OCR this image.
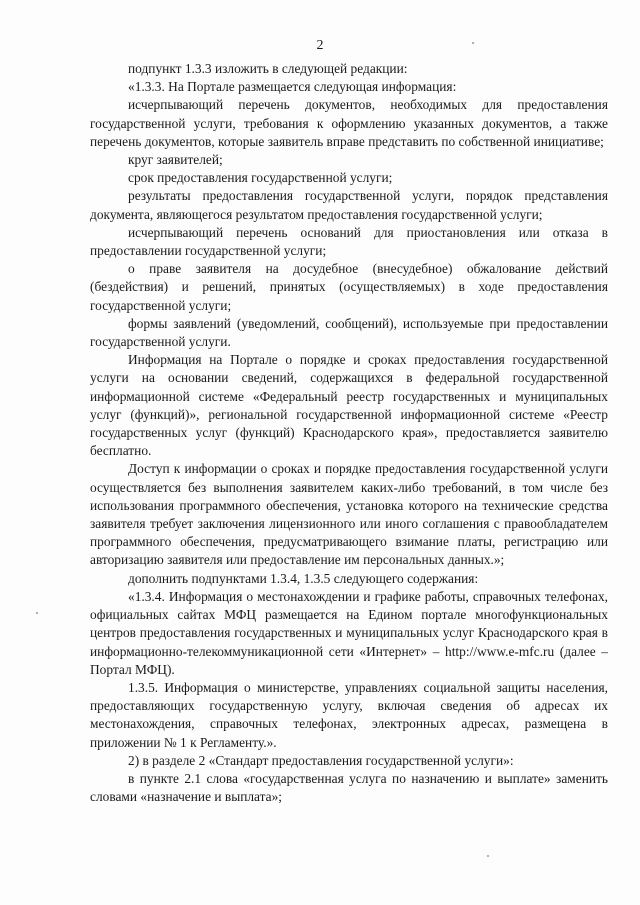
2

подпункт 1.3.3 изложить в следующей редакции:

«1.3.3. На Портале размещается следующая информация:

исчерпывающий перечень документов, необходимых для предоставления государственной услуги, требования к оформлению указанных документов, а также перечень документов, которые заявитель вправе представить по собственной инициативе;

круг заявителей;

срок предоставления государственной услуги;

результаты предоставления государственной услуги, порядок представления документа, являющегося результатом предоставления государственной услуги;

исчерпывающий перечень оснований для приостановления или отказа в предоставлении государственной услуги;

о праве заявителя на досудебное (внесудебное) обжалование действий (бездействия) и решений, принятых (осуществляемых) в ходе предоставления государственной услуги;

формы заявлений (уведомлений, сообщений), используемые при предоставлении государственной услуги.

Информация на Портале о порядке и сроках предоставления государственной услуги на основании сведений, содержащихся в федеральной государственной информационной системе «Федеральный реестр государственных и муниципальных услуг (функций)», региональной государственной информационной системе «Реестр государственных услуг (функций) Краснодарского края», предоставляется заявителю бесплатно.

Доступ к информации о сроках и порядке предоставления государственной услуги осуществляется без выполнения заявителем каких-либо требований, в том числе без использования программного обеспечения, установка которого на технические средства заявителя требует заключения лицензионного или иного соглашения с правообладателем программного обеспечения, предусматривающего взимание платы, регистрацию или авторизацию заявителя или предоставление им персональных данных.»;

дополнить подпунктами 1.3.4, 1.3.5 следующего содержания:

«1.3.4. Информация о местонахождении и графике работы, справочных телефонах, официальных сайтах МФЦ размещается на Едином портале многофункциональных центров предоставления государственных и муниципальных услуг Краснодарского края в информационно-телекоммуникационной сети «Интернет» – http://www.e-mfc.ru (далее – Портал МФЦ).

1.3.5. Информация о министерстве, управлениях социальной защиты населения, предоставляющих государственную услугу, включая сведения об адресах их местонахождения, справочных телефонах, электронных адресах, размещена в приложении № 1 к Регламенту.».

2) в разделе 2 «Стандарт предоставления государственной услуги»:

в пункте 2.1 слова «государственная услуга по назначению и выплате» заменить словами «назначение и выплата»;
